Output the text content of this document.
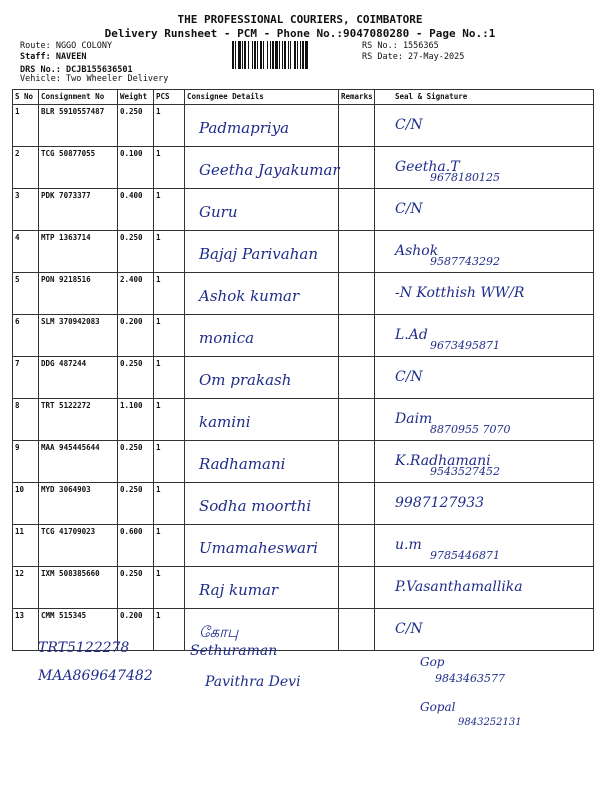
THE PROFESSIONAL COURIERS, COIMBATORE
Delivery Runsheet - PCM - Phone No.:9047080280 - Page No.:1
Route: NGGO COLONY
Staff: NAVEEN
DRS No.: DCJB155636501
Vehicle: Two Wheeler Delivery
RS No.: 1556365
RS Date: 27-May-2025
S No	Consignment No	Weight	PCS	Consignee Details	Remarks	Seal & Signature
1	BLR 5910557487	0.250	1	Padmapriya		C/N

2	TCG 50877055	0.100	1	Geetha Jayakumar		Geetha.T
9678180125

3	PDK 7073377	0.400	1	Guru		C/N

4	MTP 1363714	0.250	1	Bajaj Parivahan		Ashok
9587743292

5	PON 9218516	2.400	1	Ashok kumar		-N Kotthish WW/R

6	SLM 370942083	0.200	1	monica		L.Ad
9673495871

7	DDG 487244	0.250	1	Om prakash		C/N

8	TRT 5122272	1.100	1	kamini		Daim
8870955 7070

9	MAA 945445644	0.250	1	Radhamani		K.Radhamani
9543527452

10	MYD 3064903	0.250	1	Sodha moorthi		9987127933

11	TCG 41709023	0.600	1	Umamaheswari		u.m
9785446871

12	IXM 508385660	0.250	1	Raj kumar		P.Vasanthamallika

13	CMM 515345	0.200	1	கோபு		C/N
TRT5122278	Sethuraman
MAA869647482	Pavithra Devi
Gop
9843463577
Gopal
9843252131
